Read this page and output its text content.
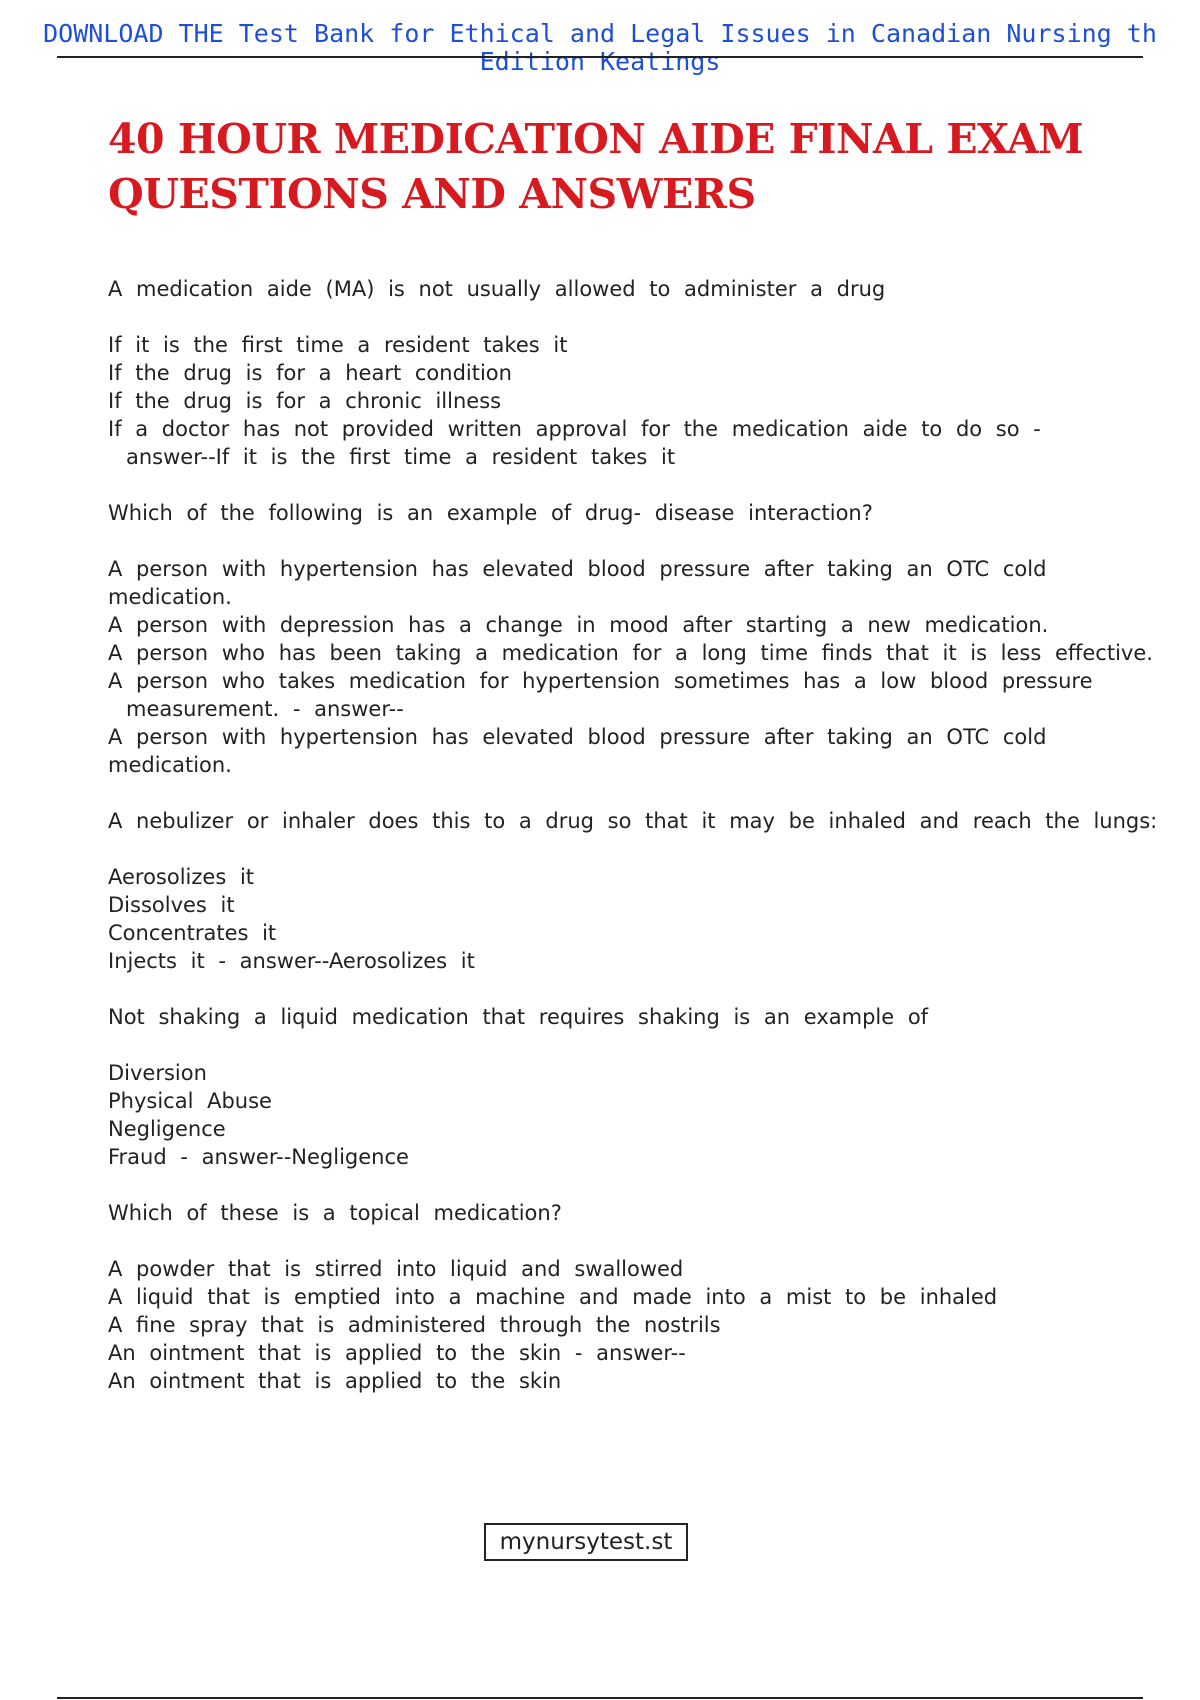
DOWNLOAD THE Test Bank for Ethical and Legal Issues in Canadian Nursing th Edition Keatings
40 HOUR MEDICATION AIDE FINAL EXAM QUESTIONS AND ANSWERS
A medication aide (MA) is not usually allowed to administer a drug
If it is the first time a resident takes it
If the drug is for a heart condition
If the drug is for a chronic illness
If a doctor has not provided written approval for the medication aide to do so -
answer--If it is the first time a resident takes it
Which of the following is an example of drug- disease interaction?
A person with hypertension has elevated blood pressure after taking an OTC cold medication.
A person with depression has a change in mood after starting a new medication.
A person who has been taking a medication for a long time finds that it is less effective.
A person who takes medication for hypertension sometimes has a low blood pressure
measurement. - answer--
A person with hypertension has elevated blood pressure after taking an OTC cold medication.
A nebulizer or inhaler does this to a drug so that it may be inhaled and reach the lungs:
Aerosolizes it
Dissolves it
Concentrates it
Injects it - answer--Aerosolizes it
Not shaking a liquid medication that requires shaking is an example of
Diversion
Physical Abuse
Negligence
Fraud - answer--Negligence
Which of these is a topical medication?
A powder that is stirred into liquid and swallowed
A liquid that is emptied into a machine and made into a mist to be inhaled
A fine spray that is administered through the nostrils
An ointment that is applied to the skin - answer--
An ointment that is applied to the skin
mynursytest.st
